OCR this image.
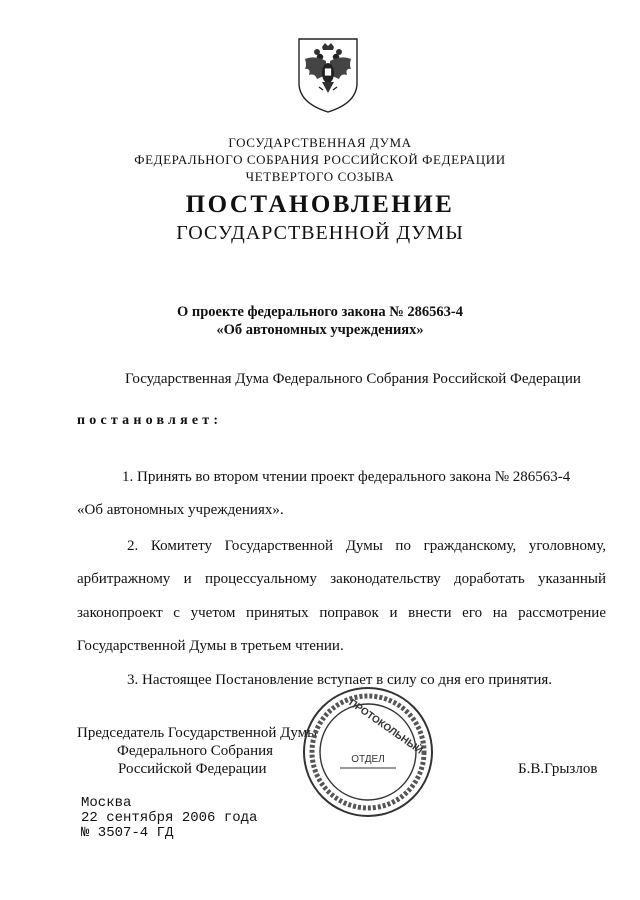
ГОСУДАРСТВЕННАЯ ДУМА
ФЕДЕРАЛЬНОГО СОБРАНИЯ РОССИЙСКОЙ ФЕДЕРАЦИИ
ЧЕТВЕРТОГО СОЗЫВА
ПОСТАНОВЛЕНИЕ
ГОСУДАРСТВЕННОЙ ДУМЫ
О проекте федерального закона № 286563-4
«Об автономных учреждениях»
Государственная Дума Федерального Собрания Российской Федерации
постановляет:
1. Принять во втором чтении проект федерального закона № 286563-4
«Об автономных учреждениях».
2. Комитету Государственной Думы по гражданскому, уголовному,
арбитражному и процессуальному законодательству доработать указанный
законопроект с учетом принятых поправок и внести его на рассмотрение
Государственной Думы в третьем чтении.
3. Настоящее Постановление вступает в силу со дня его принятия.
Председатель Государственной Думы
Федерального Собрания
Российской Федерации	Б.В.Грызлов
ПРОТОКОЛЬНЫЙ
ОТДЕЛ
Москва
22 сентября 2006 года
№ 3507-4 ГД
